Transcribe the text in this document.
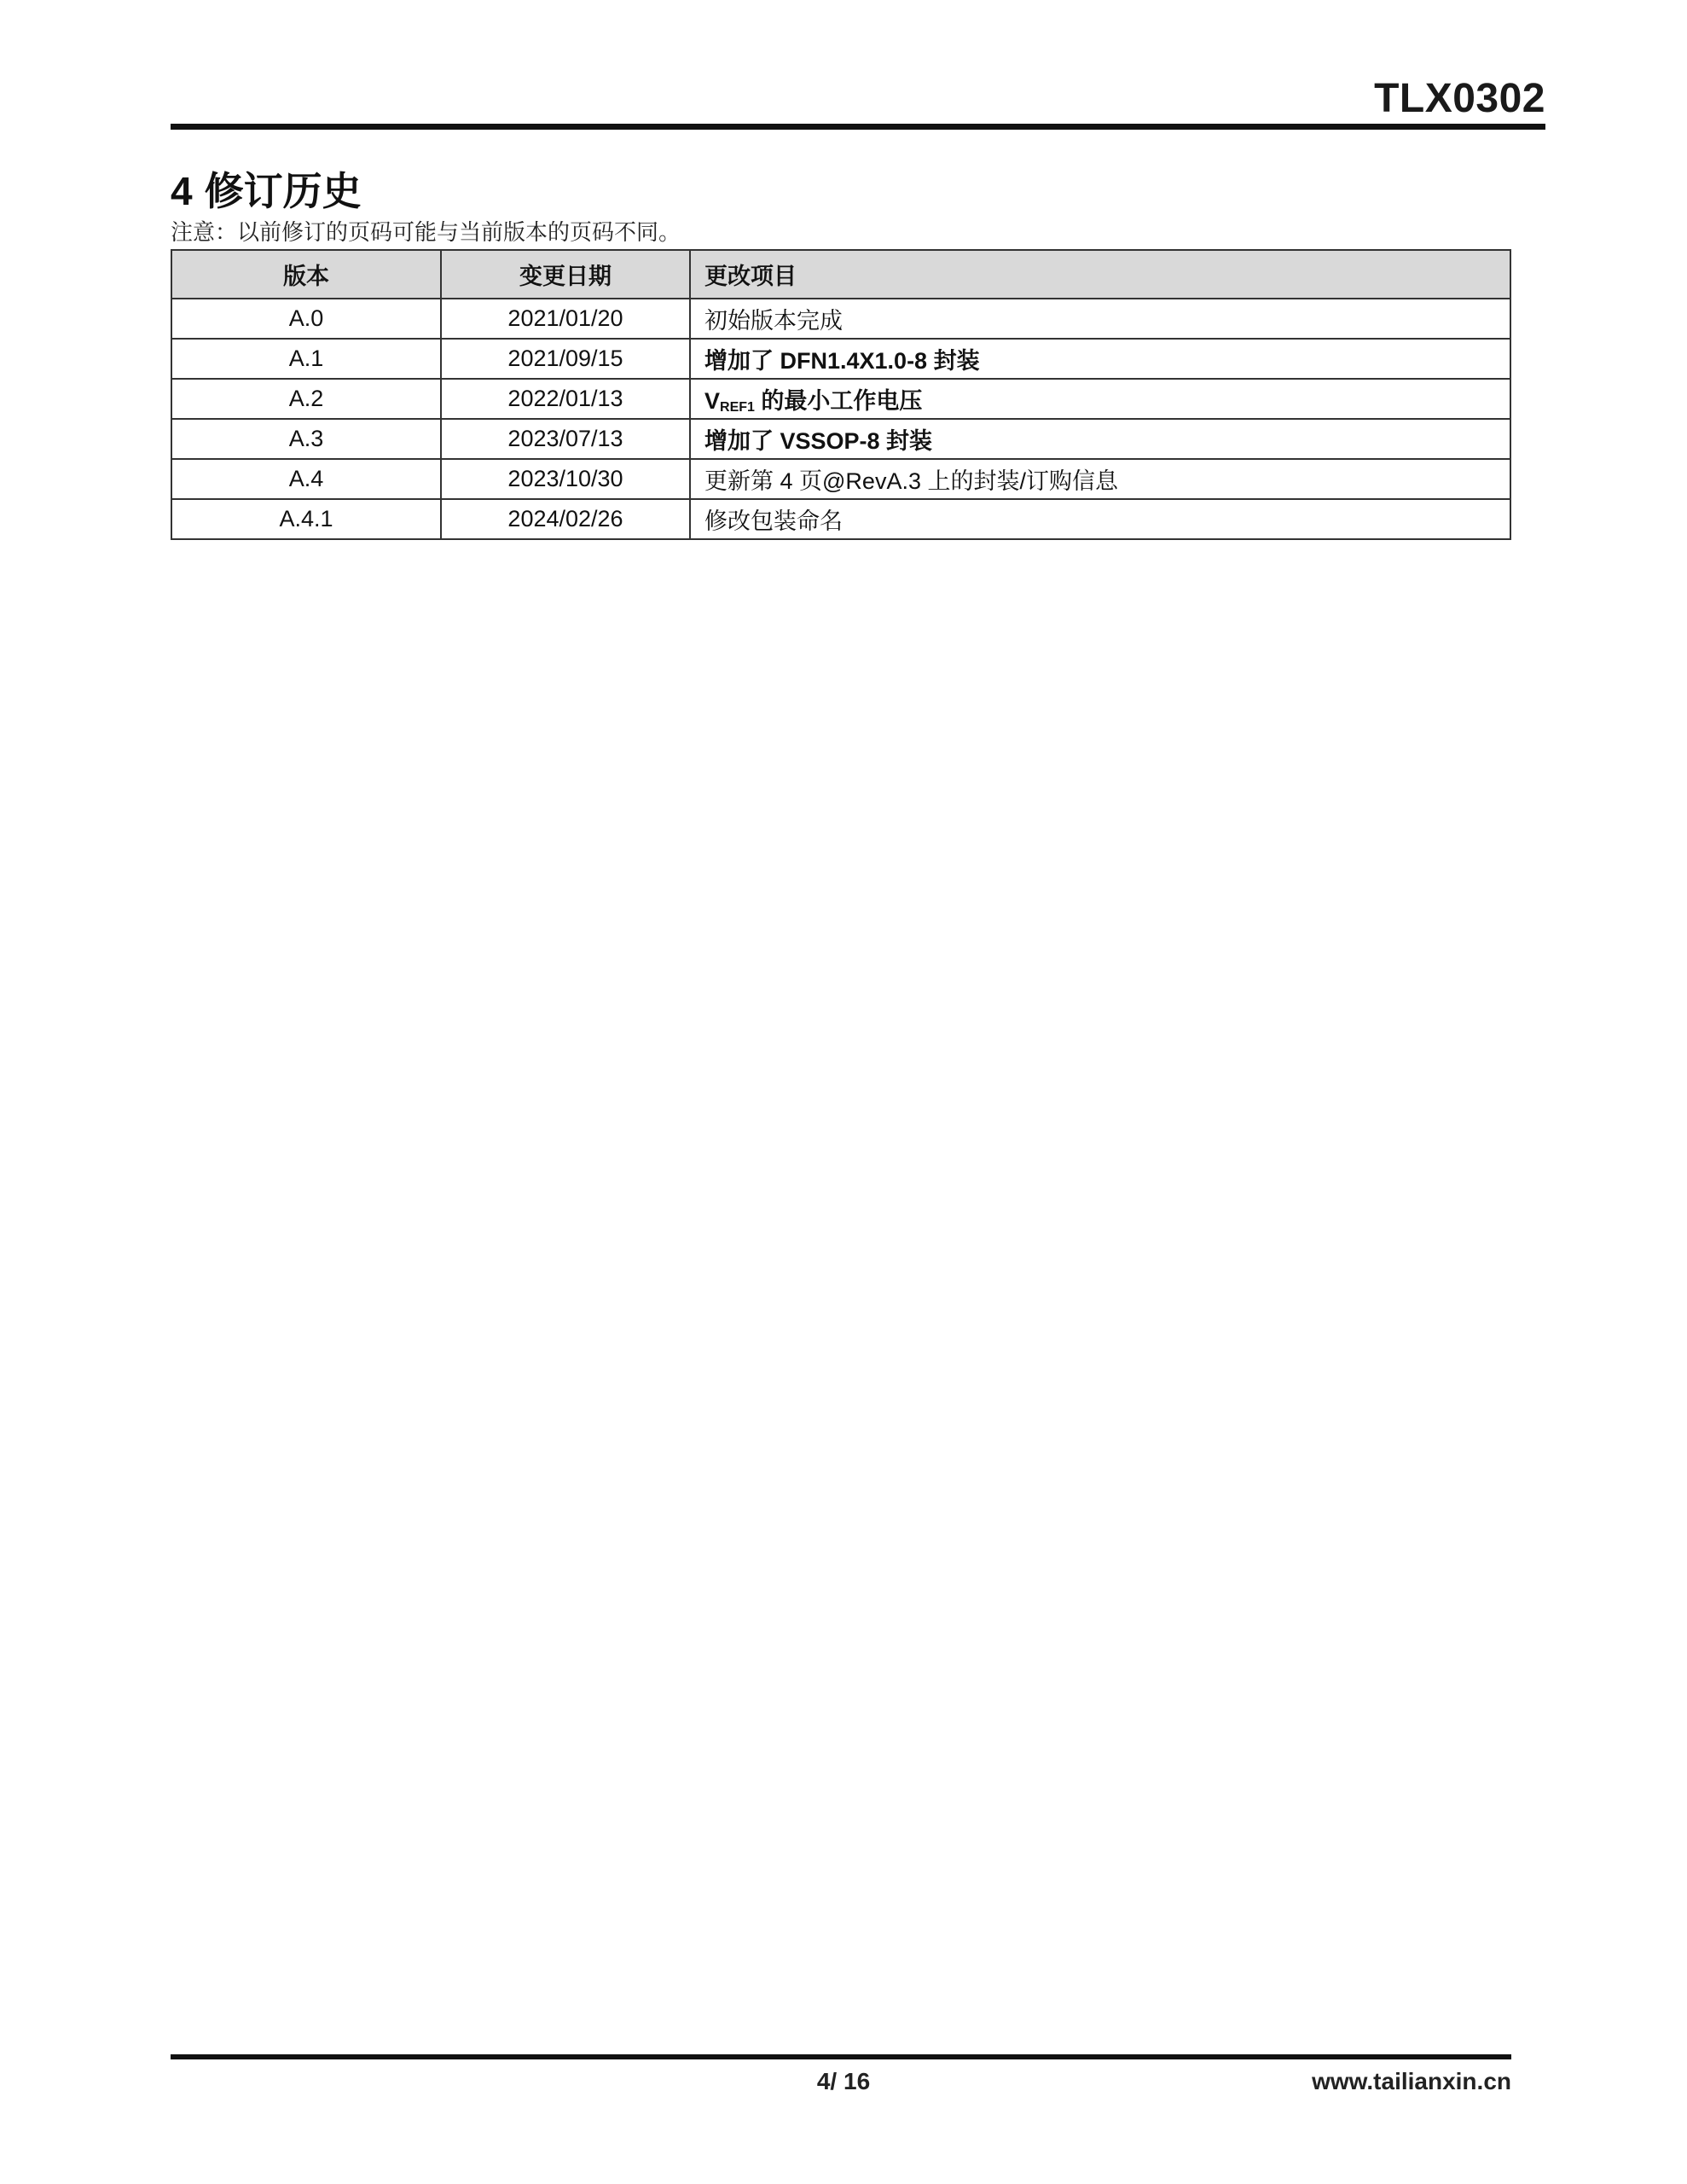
TLX0302
4 修订历史
注意：以前修订的页码可能与当前版本的页码不同。
版本	变更日期	更改项目
A.0	2021/01/20	初始版本完成
A.1	2021/09/15	增加了 DFN1.4X1.0-8 封装
A.2	2022/01/13	VREF1 的最小工作电压
A.3	2023/07/13	增加了 VSSOP-8 封装
A.4	2023/10/30	更新第 4 页@RevA.3 上的封装/订购信息
A.4.1	2024/02/26	修改包装命名
4/ 16	www.tailianxin.cn
